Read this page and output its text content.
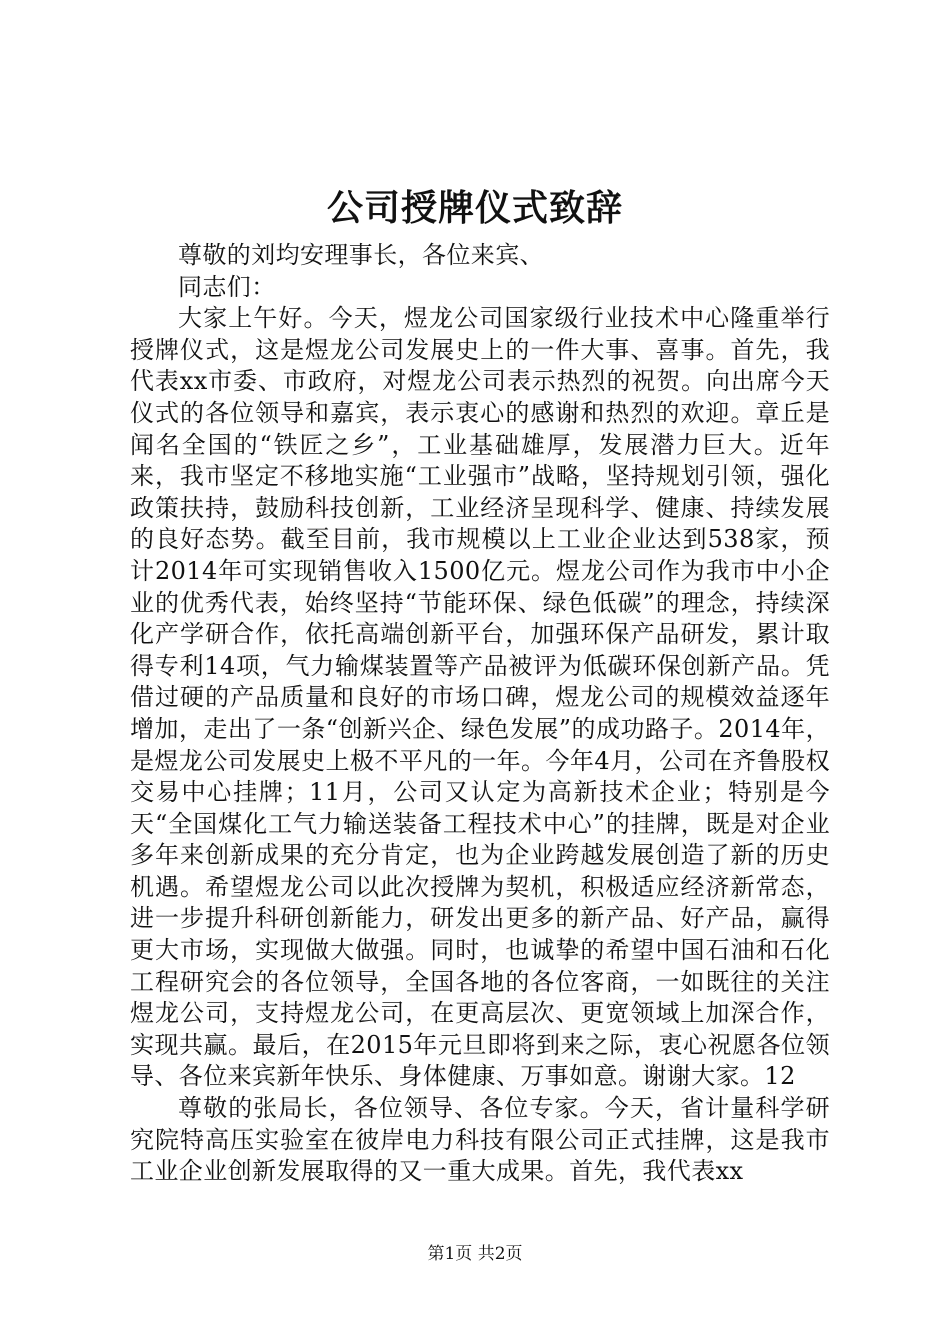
公司授牌仪式致辞

尊敬的刘均安理事长，各位来宾、

同志们：

大家上午好。今天，煜龙公司国家级行业技术中心隆重举行授牌仪式，这是煜龙公司发展史上的一件大事、喜事。首先，我代表xx市委、市政府，对煜龙公司表示热烈的祝贺。向出席今天仪式的各位领导和嘉宾，表示衷心的感谢和热烈的欢迎。章丘是闻名全国的“铁匠之乡”，工业基础雄厚，发展潜力巨大。近年来，我市坚定不移地实施“工业强市”战略，坚持规划引领，强化政策扶持，鼓励科技创新，工业经济呈现科学、健康、持续发展的良好态势。截至目前，我市规模以上工业企业达到538家，预计2014年可实现销售收入1500亿元。煜龙公司作为我市中小企业的优秀代表，始终坚持“节能环保、绿色低碳”的理念，持续深化产学研合作，依托高端创新平台，加强环保产品研发，累计取得专利14项，气力输煤装置等产品被评为低碳环保创新产品。凭借过硬的产品质量和良好的市场口碑，煜龙公司的规模效益逐年增加，走出了一条“创新兴企、绿色发展”的成功路子。2014年，是煜龙公司发展史上极不平凡的一年。今年4月，公司在齐鲁股权交易中心挂牌；11月，公司又认定为高新技术企业；特别是今天“全国煤化工气力输送装备工程技术中心”的挂牌，既是对企业多年来创新成果的充分肯定，也为企业跨越发展创造了新的历史机遇。希望煜龙公司以此次授牌为契机，积极适应经济新常态，进一步提升科研创新能力，研发出更多的新产品、好产品，赢得更大市场，实现做大做强。同时，也诚挚的希望中国石油和石化工程研究会的各位领导，全国各地的各位客商，一如既往的关注煜龙公司，支持煜龙公司，在更高层次、更宽领域上加深合作，实现共赢。最后，在2015年元旦即将到来之际，衷心祝愿各位领导、各位来宾新年快乐、身体健康、万事如意。谢谢大家。12

尊敬的张局长，各位领导、各位专家。今天，省计量科学研究院特高压实验室在彼岸电力科技有限公司正式挂牌，这是我市工业企业创新发展取得的又一重大成果。首先，我代表xx

第1页 共2页
